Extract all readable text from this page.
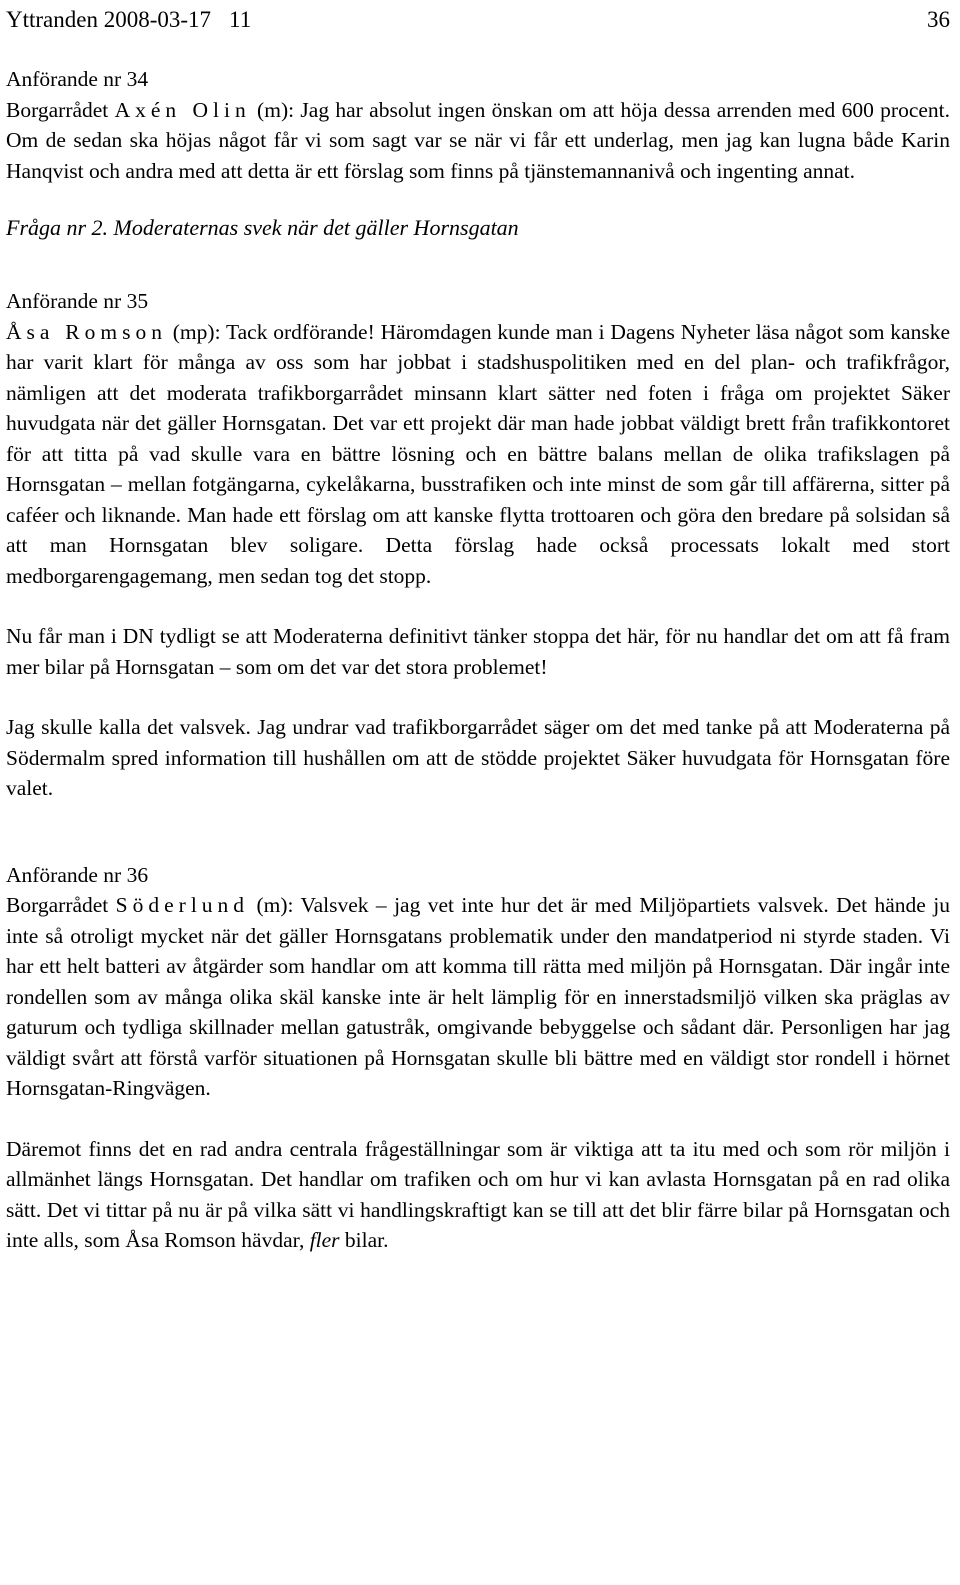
Yttranden 2008-03-17 11	36
Anförande nr 34

Borgarrådet Axén Olin (m): Jag har absolut ingen önskan om att höja dessa arrenden med 600 procent. Om de sedan ska höjas något får vi som sagt var se när vi får ett underlag, men jag kan lugna både Karin Hanqvist och andra med att detta är ett förslag som finns på tjänstemannanivå och ingenting annat.

Fråga nr 2. Moderaternas svek när det gäller Hornsgatan
Anförande nr 35

Åsa Romson (mp): Tack ordförande! Häromdagen kunde man i Dagens Nyheter läsa något som kanske har varit klart för många av oss som har jobbat i stadshuspolitiken med en del plan- och trafikfrågor, nämligen att det moderata trafikborgarrådet minsann klart sätter ned foten i fråga om projektet Säker huvudgata när det gäller Hornsgatan. Det var ett projekt där man hade jobbat väldigt brett från trafikkontoret för att titta på vad skulle vara en bättre lösning och en bättre balans mellan de olika trafikslagen på Hornsgatan – mellan fotgängarna, cykelåkarna, busstrafiken och inte minst de som går till affärerna, sitter på caféer och liknande. Man hade ett förslag om att kanske flytta trottoaren och göra den bredare på solsidan så att man Hornsgatan blev soligare. Detta förslag hade också processats lokalt med stort medborgarengagemang, men sedan tog det stopp.

Nu får man i DN tydligt se att Moderaterna definitivt tänker stoppa det här, för nu handlar det om att få fram mer bilar på Hornsgatan – som om det var det stora problemet!

Jag skulle kalla det valsvek. Jag undrar vad trafikborgarrådet säger om det med tanke på att Moderaterna på Södermalm spred information till hushållen om att de stödde projektet Säker huvudgata för Hornsgatan före valet.

Anförande nr 36

Borgarrådet Söderlund (m): Valsvek – jag vet inte hur det är med Miljöpartiets valsvek. Det hände ju inte så otroligt mycket när det gäller Hornsgatans problematik under den mandatperiod ni styrde staden. Vi har ett helt batteri av åtgärder som handlar om att komma till rätta med miljön på Hornsgatan. Där ingår inte rondellen som av många olika skäl kanske inte är helt lämplig för en innerstadsmiljö vilken ska präglas av gaturum och tydliga skillnader mellan gatustråk, omgivande bebyggelse och sådant där. Personligen har jag väldigt svårt att förstå varför situationen på Hornsgatan skulle bli bättre med en väldigt stor rondell i hörnet Hornsgatan-Ringvägen.

Däremot finns det en rad andra centrala frågeställningar som är viktiga att ta itu med och som rör miljön i allmänhet längs Hornsgatan. Det handlar om trafiken och om hur vi kan avlasta Hornsgatan på en rad olika sätt. Det vi tittar på nu är på vilka sätt vi handlingskraftigt kan se till att det blir färre bilar på Hornsgatan och inte alls, som Åsa Romson hävdar, fler bilar.
